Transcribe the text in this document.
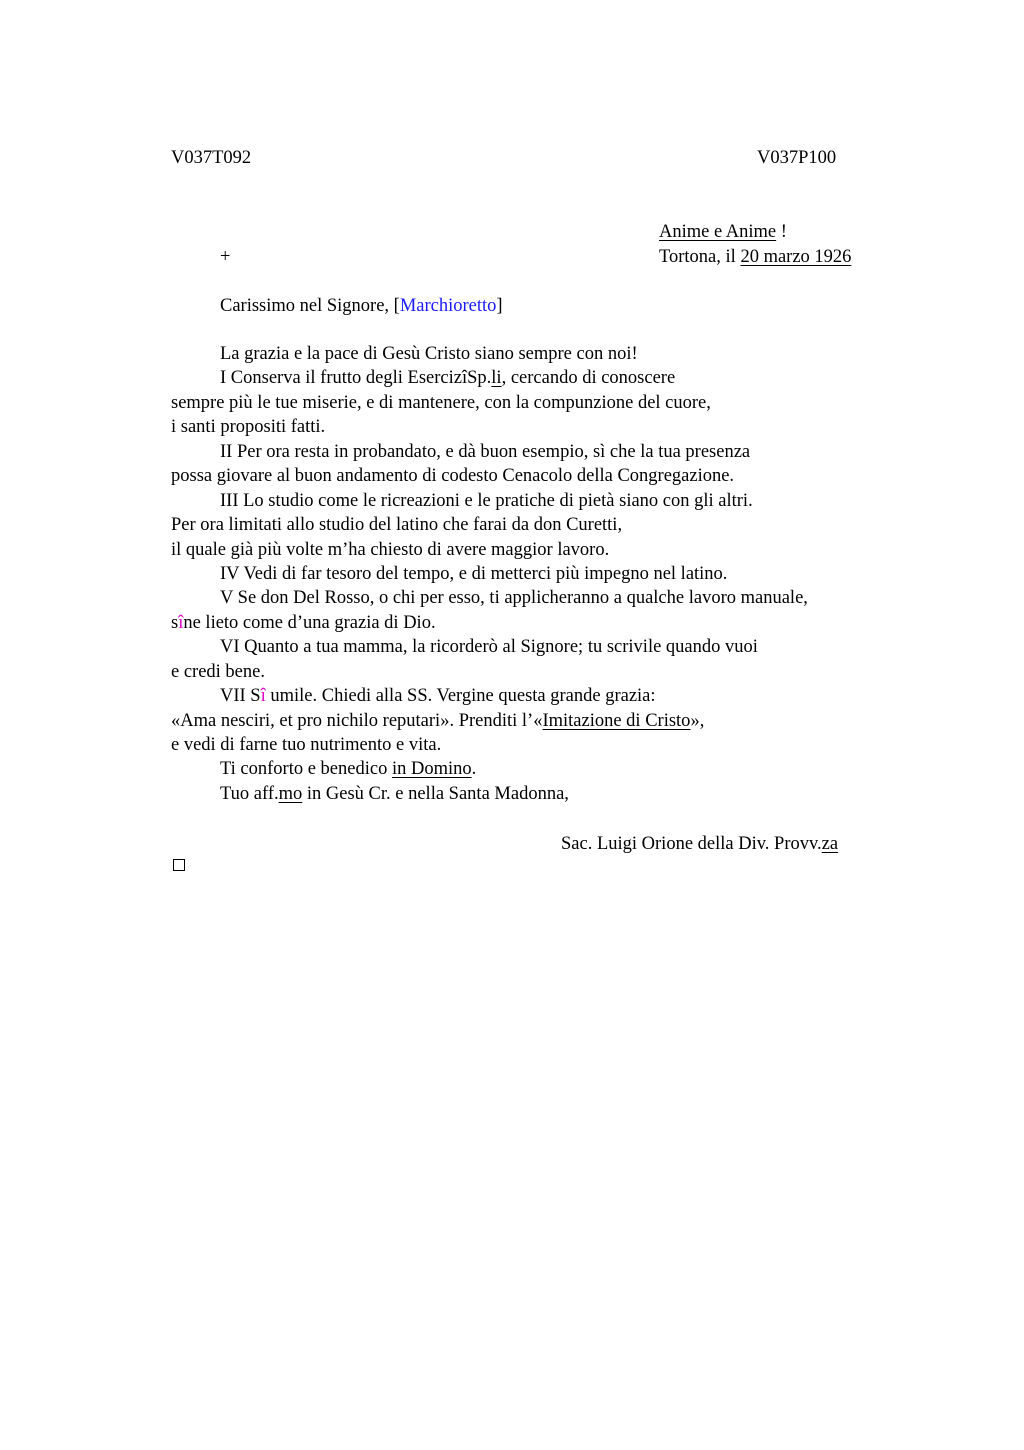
V037T092	V037P100
Anime e Anime !
+	Tortona, il 20 marzo 1926
Carissimo nel Signore, [Marchioretto]
La grazia e la pace di Gesù Cristo siano sempre con noi!
I Conserva il frutto degli EsercizîSp.li, cercando di conoscere
sempre più le tue miserie, e di mantenere, con la compunzione del cuore,
i santi propositi fatti.
II Per ora resta in probandato, e dà buon esempio, sì che la tua presenza
possa giovare al buon andamento di codesto Cenacolo della Congregazione.
III Lo studio come le ricreazioni e le pratiche di pietà siano con gli altri.
Per ora limitati allo studio del latino che farai da don Curetti,
il quale già più volte m’ha chiesto di avere maggior lavoro.
IV Vedi di far tesoro del tempo, e di metterci più impegno nel latino.
V Se don Del Rosso, o chi per esso, ti applicheranno a qualche lavoro manuale,
sîne lieto come d’una grazia di Dio.
VI Quanto a tua mamma, la ricorderò al Signore; tu scrivile quando vuoi
e credi bene.
VII Sî umile. Chiedi alla SS. Vergine questa grande grazia:
«Ama nesciri, et pro nichilo reputari». Prenditi l’«Imitazione di Cristo»,
e vedi di farne tuo nutrimento e vita.
Ti conforto e benedico in Domino.
Tuo aff.mo in Gesù Cr. e nella Santa Madonna,
Sac. Luigi Orione della Div. Provv.za
